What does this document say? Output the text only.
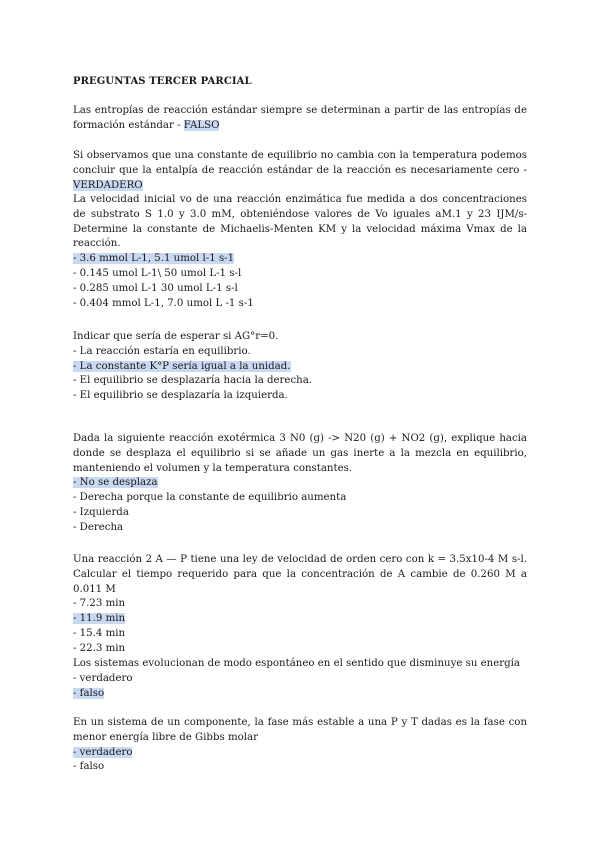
PREGUNTAS TERCER PARCIAL

Las entropías de reacción estándar siempre se determinan a partir de las entropías de formación estándar - FALSO

Si observamos que una constante de equilibrio no cambia con la temperatura podemos concluir que la entalpía de reacción estándar de la reacción es necesariamente cero - VERDADERO

La velocidad inicial vo de una reacción enzimática fue medida a dos concentraciones de substrato S 1.0 y 3.0 mM, obteniéndose valores de Vo iguales aM.1 y 23 IJM/s- Determine la constante de Michaelis-Menten KM y la velocidad máxima Vmax de la reacción.

- 3.6 mmol L-1, 5.1 umol l-1 s-1

- 0.145 umol L-1\ 50 umol L-1 s-l

- 0.285 umol L-1 30 umol L-1 s-l

- 0.404 mmol L-1, 7.0 umol L -1 s-1

Indicar que sería de esperar si AG°r=0.

- La reacción estaría en equilibrio.

- La constante K°P sería igual a la unidad.

- El equilibrio se desplazaría hacia la derecha.

- El equilibrio se desplazaría la izquierda.

Dada la siguiente reacción exotérmica 3 N0 (g) -> N20 (g) + NO2 (g), explique hacia donde se desplaza el equilibrio si se añade un gas inerte a la mezcla en equilibrio, manteniendo el volumen y la temperatura constantes.

- No se desplaza

- Derecha porque la constante de equilibrio aumenta

- Izquierda

- Derecha

Una reacción 2 A — P tiene una ley de velocidad de orden cero con k = 3.5x10-4 M s-l. Calcular el tiempo requerido para que la concentración de A cambie de 0.260 M a 0.011 M

- 7.23 min

- 11.9 min

- 15.4 min

- 22.3 min

Los sistemas evolucionan de modo espontáneo en el sentido que disminuye su energía

- verdadero

- falso

En un sistema de un componente, la fase más estable a una P y T dadas es la fase con menor energía libre de Gibbs molar

- verdadero

- falso
